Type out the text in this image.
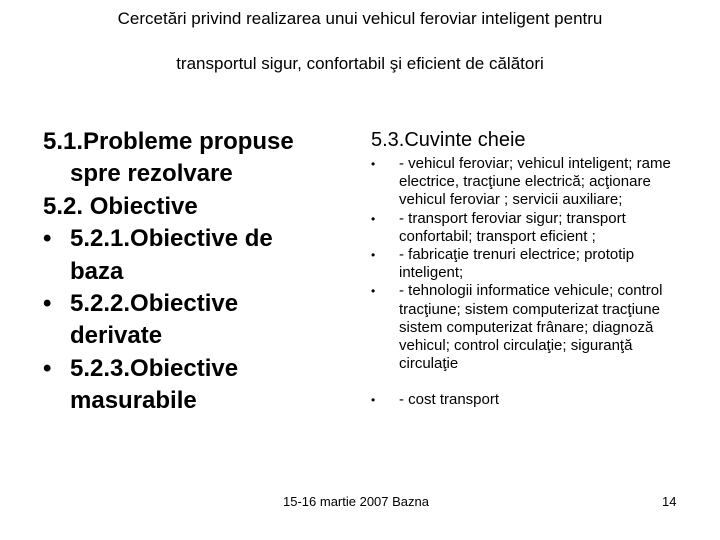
Cercetări privind realizarea unui vehicul feroviar inteligent pentru
transportul sigur, confortabil şi eficient de călători
5.1.Probleme propuse
spre rezolvare
5.2. Obiective
• 5.2.1.Obiective de
baza
• 5.2.2.Obiective
derivate
• 5.2.3.Obiective
masurabile
5.3.Cuvinte cheie

• - vehicul feroviar; vehicul inteligent; rame electrice, tracţiune electrică; acţionare vehicul feroviar ; servicii auxiliare;

• - transport feroviar sigur; transport confortabil; transport eficient ;

• - fabricaţie trenuri electrice; prototip inteligent;

• - tehnologii informatice vehicule; control tracţiune; sistem computerizat tracţiune sistem computerizat frânare; diagnoză vehicul; control circulaţie; siguranţă circulaţie

• - cost transport

15-16 martie 2007 Bazna	14
